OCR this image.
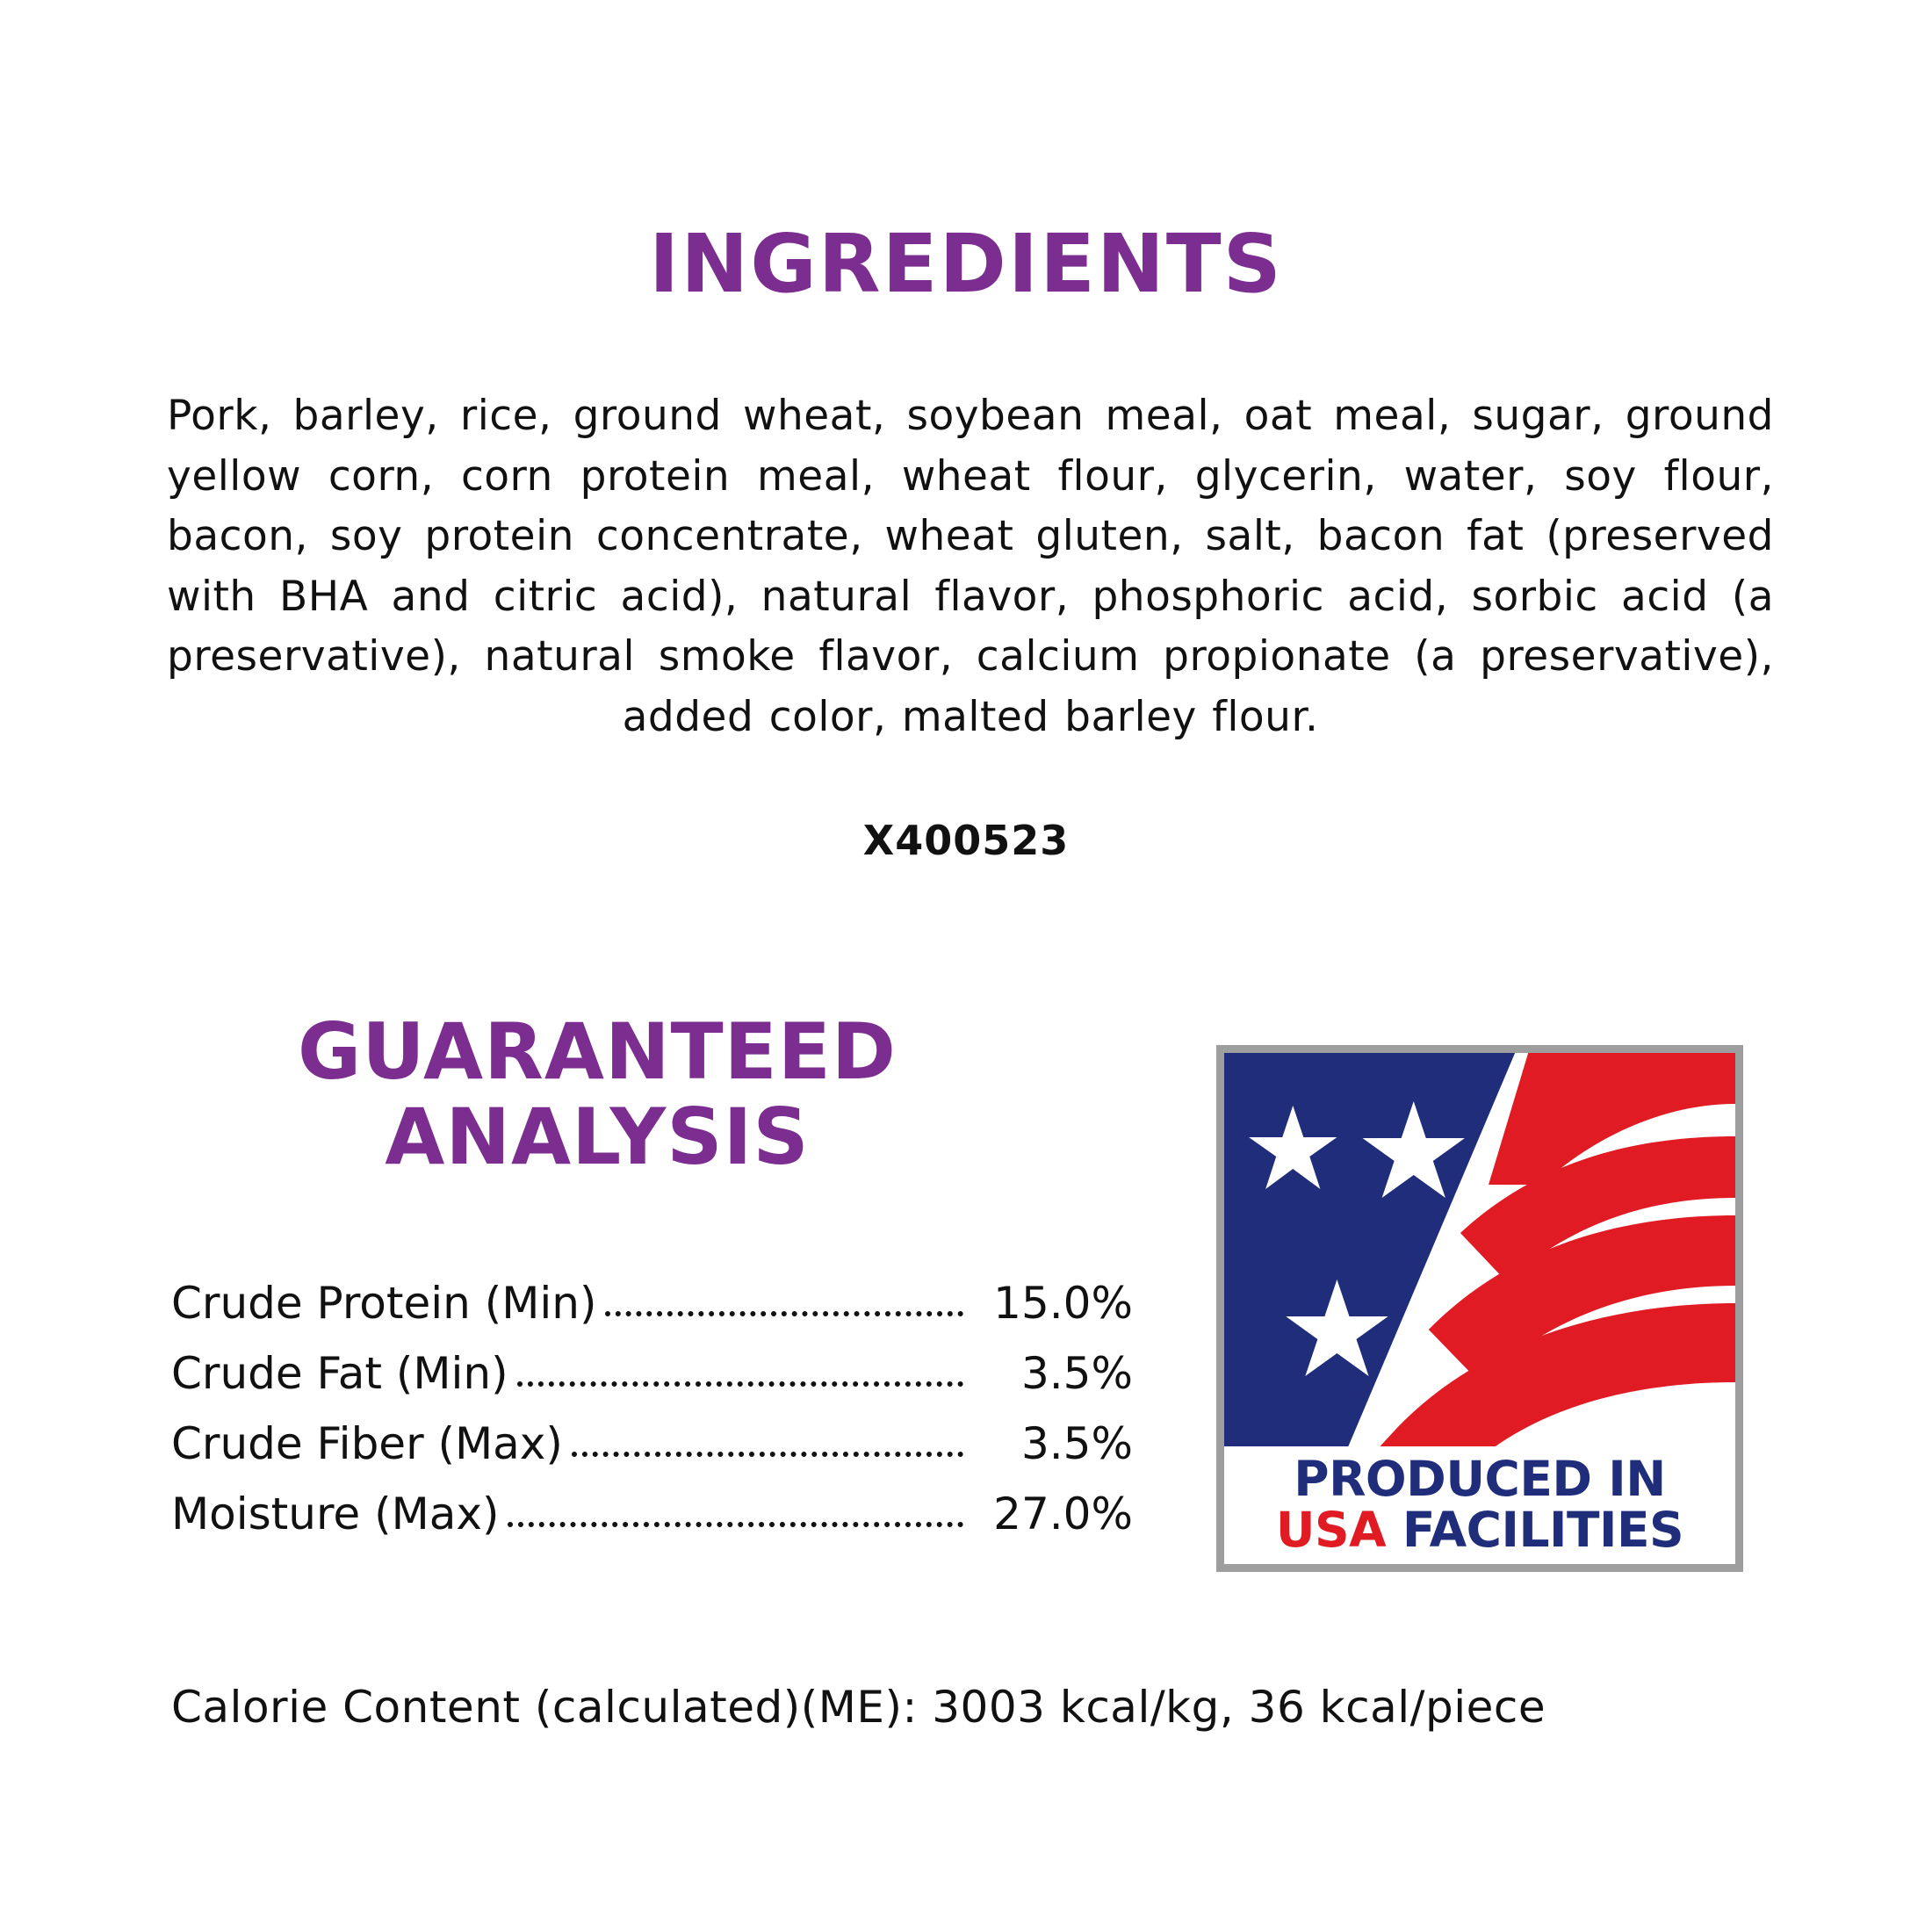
INGREDIENTS
Pork, barley, rice, ground wheat, soybean meal, oat meal, sugar, ground yellow corn, corn protein meal, wheat flour, glycerin, water, soy flour, bacon, soy protein concentrate, wheat gluten, salt, bacon fat (preserved with BHA and citric acid), natural flavor, phosphoric acid, sorbic acid (a preservative), natural smoke flavor, calcium propionate (a preservative), added color, malted barley flour.
X400523
GUARANTEED
ANALYSIS
Crude Protein (Min)	15.0%
Crude Fat (Min)	3.5%
Crude Fiber (Max)	3.5%
Moisture (Max)	27.0%
Calorie Content (calculated)(ME): 3003 kcal/kg, 36 kcal/piece
PRODUCED IN
USA FACILITIES
